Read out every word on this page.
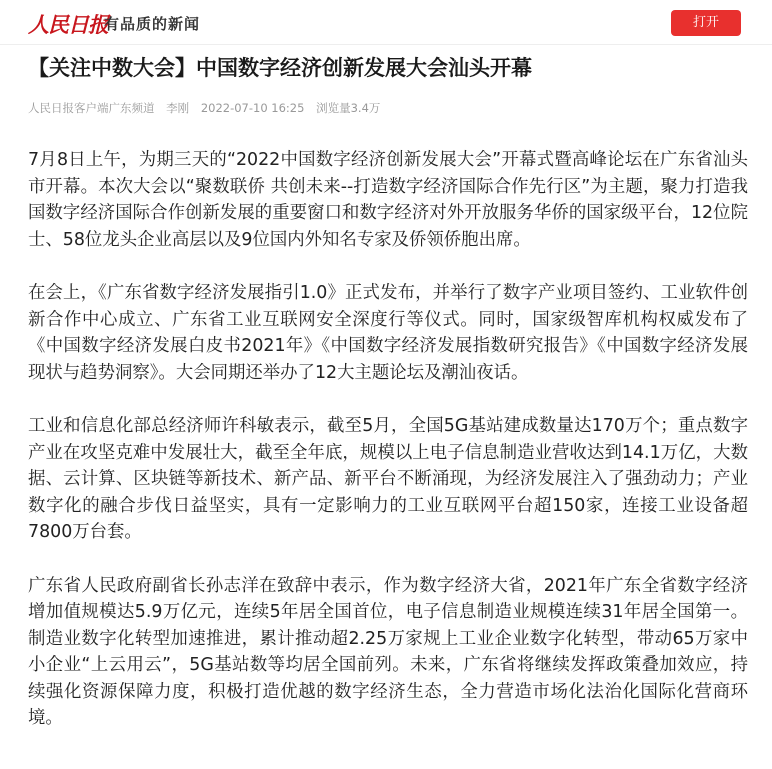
人民日报
有品质的新闻	打开
【关注中数大会】中国数字经济创新发展大会汕头开幕
人民日报客户端广东频道 李刚 2022-07-10 16:25 浏览量3.4万

7月8日上午，为期三天的“2022中国数字经济创新发展大会”开幕式暨高峰论坛在广东省汕头市开幕。本次大会以“聚数联侨 共创未来--打造数字经济国际合作先行区”为主题，聚力打造我国数字经济国际合作创新发展的重要窗口和数字经济对外开放服务华侨的国家级平台，12位院士、58位龙头企业高层以及9位国内外知名专家及侨领侨胞出席。

在会上，《广东省数字经济发展指引1.0》正式发布，并举行了数字产业项目签约、工业软件创新合作中心成立、广东省工业互联网安全深度行等仪式。同时，国家级智库机构权威发布了《中国数字经济发展白皮书2021年》《中国数字经济发展指数研究报告》《中国数字经济发展现状与趋势洞察》。大会同期还举办了12大主题论坛及潮汕夜话。

工业和信息化部总经济师许科敏表示，截至5月，全国5G基站建成数量达170万个；重点数字产业在攻坚克难中发展壮大，截至全年底，规模以上电子信息制造业营收达到14.1万亿，大数据、云计算、区块链等新技术、新产品、新平台不断涌现，为经济发展注入了强劲动力；产业数字化的融合步伐日益坚实，具有一定影响力的工业互联网平台超150家，连接工业设备超7800万台套。

广东省人民政府副省长孙志洋在致辞中表示，作为数字经济大省，2021年广东全省数字经济增加值规模达5.9万亿元，连续5年居全国首位，电子信息制造业规模连续31年居全国第一。制造业数字化转型加速推进，累计推动超2.25万家规上工业企业数字化转型，带动65万家中小企业“上云用云”，5G基站数等均居全国前列。未来，广东省将继续发挥政策叠加效应，持续强化资源保障力度，积极打造优越的数字经济生态，全力营造市场化法治化国际化营商环境。
